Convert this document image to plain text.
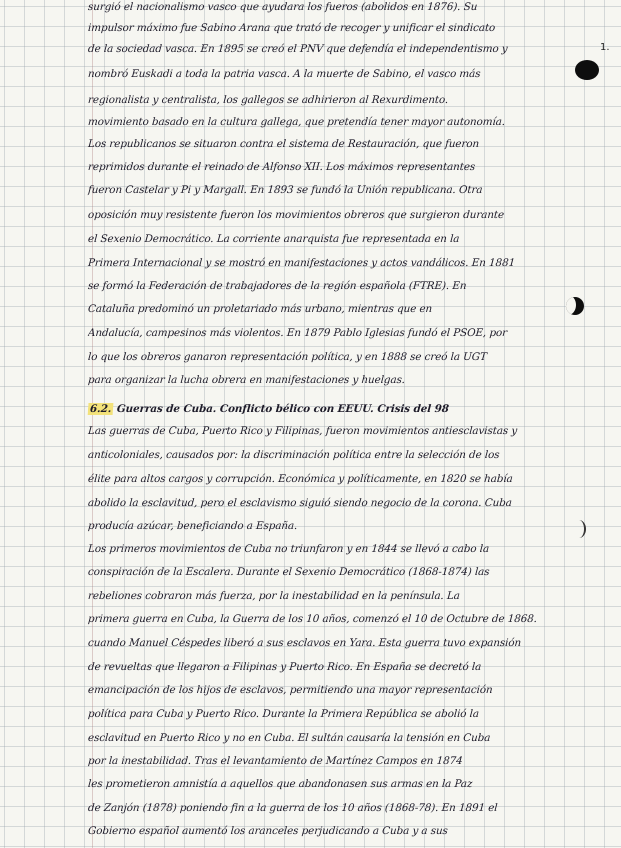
1.
surgió el nacionalismo vasco que ayudara los fueros (abolidos en 1876). Su
impulsor máximo fue Sabino Arana que trató de recoger y unificar el sindicato
de la sociedad vasca. En 1895 se creó el PNV que defendía el independentismo y
nombró Euskadi a toda la patria vasca. A la muerte de Sabino, el vasco más
regionalista y centralista, los gallegos se adhirieron al Rexurdimento.
movimiento basado en la cultura gallega, que pretendía tener mayor autonomía.
Los republicanos se situaron contra el sistema de Restauración, que fueron
reprimidos durante el reinado de Alfonso XII. Los máximos representantes
fueron Castelar y Pi y Margall. En 1893 se fundó la Unión republicana. Otra
oposición muy resistente fueron los movimientos obreros que surgieron durante
el Sexenio Democrático. La corriente anarquista fue representada en la
Primera Internacional y se mostró en manifestaciones y actos vandálicos. En 1881
se formó la Federación de trabajadores de la región española (FTRE). En
Cataluña predominó un proletariado más urbano, mientras que en
Andalucía, campesinos más violentos. En 1879 Pablo Iglesias fundó el PSOE, por
lo que los obreros ganaron representación política, y en 1888 se creó la UGT
para organizar la lucha obrera en manifestaciones y huelgas.
6.2. Guerras de Cuba. Conflicto bélico con EEUU. Crisis del 98
Las guerras de Cuba, Puerto Rico y Filipinas, fueron movimientos antiesclavistas y
anticoloniales, causados por: la discriminación política entre la selección de los
élite para altos cargos y corrupción. Económica y políticamente, en 1820 se había
abolido la esclavitud, pero el esclavismo siguió siendo negocio de la corona. Cuba
producía azúcar, beneficiando a España.
Los primeros movimientos de Cuba no triunfaron y en 1844 se llevó a cabo la
conspiración de la Escalera. Durante el Sexenio Democrático (1868-1874) las
rebeliones cobraron más fuerza, por la inestabilidad en la península. La
primera guerra en Cuba, la Guerra de los 10 años, comenzó el 10 de Octubre de 1868.
cuando Manuel Céspedes liberó a sus esclavos en Yara. Esta guerra tuvo expansión
de revueltas que llegaron a Filipinas y Puerto Rico. En España se decretó la
emancipación de los hijos de esclavos, permitiendo una mayor representación
política para Cuba y Puerto Rico. Durante la Primera República se abolió la
esclavitud en Puerto Rico y no en Cuba. El sultán causaría la tensión en Cuba
por la inestabilidad. Tras el levantamiento de Martínez Campos en 1874
les prometieron amnistía a aquellos que abandonasen sus armas en la Paz
de Zanjón (1878) poniendo fin a la guerra de los 10 años (1868-78). En 1891 el
Gobierno español aumentó los aranceles perjudicando a Cuba y a sus
